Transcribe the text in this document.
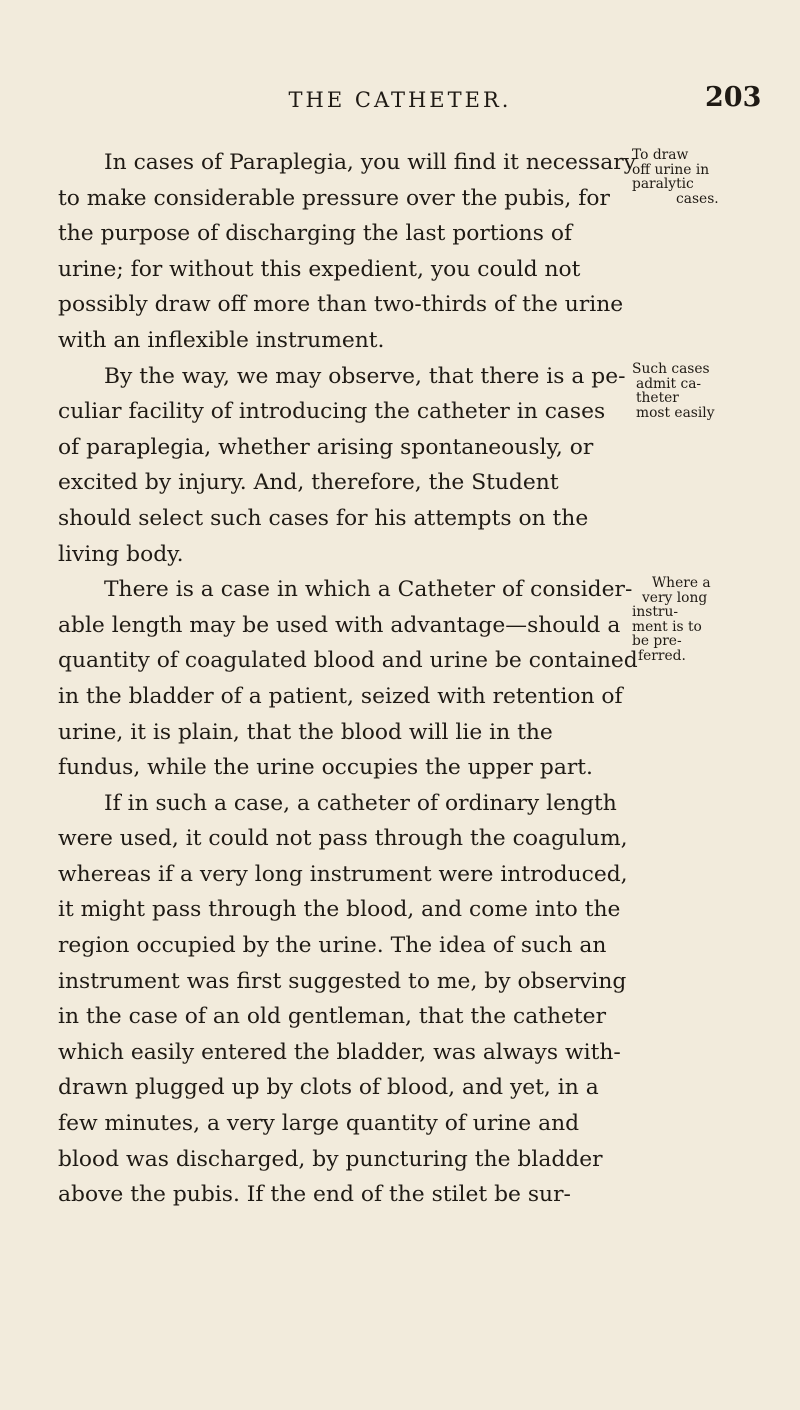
THE CATHETER.	203
In cases of Paraplegia, you will find it necessary
to make considerable pressure over the pubis, for
the purpose of discharging the last portions of
urine; for without this expedient, you could not
possibly draw off more than two-thirds of the urine
with an inflexible instrument.
By the way, we may observe, that there is a pe-
culiar facility of introducing the catheter in cases
of paraplegia, whether arising spontaneously, or
excited by injury. And, therefore, the Student
should select such cases for his attempts on the
living body.
There is a case in which a Catheter of consider-
able length may be used with advantage—should a
quantity of coagulated blood and urine be contained
in the bladder of a patient, seized with retention of
urine, it is plain, that the blood will lie in the
fundus, while the urine occupies the upper part.
If in such a case, a catheter of ordinary length
were used, it could not pass through the coagulum,
whereas if a very long instrument were introduced,
it might pass through the blood, and come into the
region occupied by the urine. The idea of such an
instrument was first suggested to me, by observing
in the case of an old gentleman, that the catheter
which easily entered the bladder, was always with-
drawn plugged up by clots of blood, and yet, in a
few minutes, a very large quantity of urine and
blood was discharged, by puncturing the bladder
above the pubis. If the end of the stilet be sur-
To draw
off urine in
paralytic
cases.
Such cases
admit ca-
theter
most easily
Where a
very long
instru-
ment is to
be pre-
ferred.
